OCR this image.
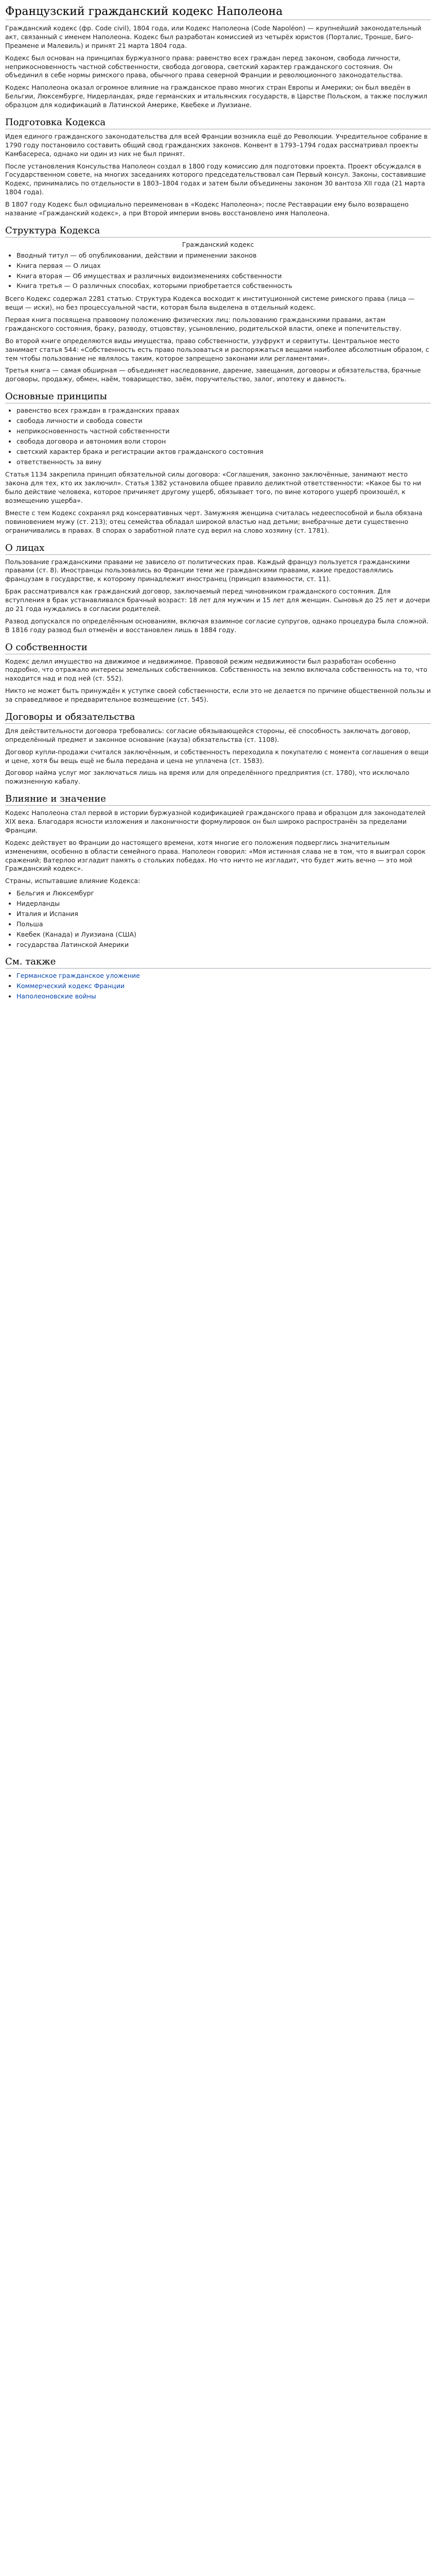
Французский гражданский кодекс Наполеона

Гражданский кодекс (фр. Code civil), 1804 года, или Кодекс Наполеона (Code Napoléon) — крупнейший законодательный акт, связанный с именем Наполеона. Кодекс был разработан комиссией из четырёх юристов (Порталис, Тронше, Биго-Преамене и Малевиль) и принят 21 марта 1804 года.

Кодекс был основан на принципах буржуазного права: равенство всех граждан перед законом, свобода личности, неприкосновенность частной собственности, свобода договора, светский характер гражданского состояния. Он объединил в себе нормы римского права, обычного права северной Франции и революционного законодательства.

Кодекс Наполеона оказал огромное влияние на гражданское право многих стран Европы и Америки; он был введён в Бельгии, Люксембурге, Нидерландах, ряде германских и итальянских государств, в Царстве Польском, а также послужил образцом для кодификаций в Латинской Америке, Квебеке и Луизиане.

Подготовка Кодекса

Идея единого гражданского законодательства для всей Франции возникла ещё до Революции. Учредительное собрание в 1790 году постановило составить общий свод гражданских законов. Конвент в 1793–1794 годах рассматривал проекты Камбасереса, однако ни один из них не был принят.

После установления Консульства Наполеон создал в 1800 году комиссию для подготовки проекта. Проект обсуждался в Государственном совете, на многих заседаниях которого председательствовал сам Первый консул. Законы, составившие Кодекс, принимались по отдельности в 1803–1804 годах и затем были объединены законом 30 вантоза XII года (21 марта 1804 года).

В 1807 году Кодекс был официально переименован в «Кодекс Наполеона»; после Реставрации ему было возвращено название «Гражданский кодекс», а при Второй империи вновь восстановлено имя Наполеона.

Структура Кодекса
Гражданский кодекс
• Вводный титул — об опубликовании, действии и применении законов
• Книга первая — О лицах
• Книга вторая — Об имуществах и различных видоизменениях собственности
• Книга третья — О различных способах, которыми приобретается собственность

Всего Кодекс содержал 2281 статью. Структура Кодекса восходит к институционной системе римского права (лица — вещи — иски), но без процессуальной части, которая была выделена в отдельный кодекс.

Первая книга посвящена правовому положению физических лиц: пользованию гражданскими правами, актам гражданского состояния, браку, разводу, отцовству, усыновлению, родительской власти, опеке и попечительству.

Во второй книге определяются виды имущества, право собственности, узуфрукт и сервитуты. Центральное место занимает статья 544: «Собственность есть право пользоваться и распоряжаться вещами наиболее абсолютным образом, с тем чтобы пользование не являлось таким, которое запрещено законами или регламентами».

Третья книга — самая обширная — объединяет наследование, дарение, завещания, договоры и обязательства, брачные договоры, продажу, обмен, наём, товарищество, заём, поручительство, залог, ипотеку и давность.

Основные принципы
• равенство всех граждан в гражданских правах
• свобода личности и свобода совести
• неприкосновенность частной собственности
• свобода договора и автономия воли сторон
• светский характер брака и регистрации актов гражданского состояния
• ответственность за вину

Статья 1134 закрепила принцип обязательной силы договора: «Соглашения, законно заключённые, занимают место закона для тех, кто их заключил». Статья 1382 установила общее правило деликтной ответственности: «Какое бы то ни было действие человека, которое причиняет другому ущерб, обязывает того, по вине которого ущерб произошёл, к возмещению ущерба».

Вместе с тем Кодекс сохранял ряд консервативных черт. Замужняя женщина считалась недееспособной и была обязана повиновением мужу (ст. 213); отец семейства обладал широкой властью над детьми; внебрачные дети существенно ограничивались в правах. В спорах о заработной плате суд верил на слово хозяину (ст. 1781).

О лицах

Пользование гражданскими правами не зависело от политических прав. Каждый француз пользуется гражданскими правами (ст. 8). Иностранцы пользовались во Франции теми же гражданскими правами, какие предоставлялись французам в государстве, к которому принадлежит иностранец (принцип взаимности, ст. 11).

Брак рассматривался как гражданский договор, заключаемый перед чиновником гражданского состояния. Для вступления в брак устанавливался брачный возраст: 18 лет для мужчин и 15 лет для женщин. Сыновья до 25 лет и дочери до 21 года нуждались в согласии родителей.

Развод допускался по определённым основаниям, включая взаимное согласие супругов, однако процедура была сложной. В 1816 году развод был отменён и восстановлен лишь в 1884 году.

О собственности

Кодекс делил имущество на движимое и недвижимое. Правовой режим недвижимости был разработан особенно подробно, что отражало интересы земельных собственников. Собственность на землю включала собственность на то, что находится над и под ней (ст. 552).

Никто не может быть принуждён к уступке своей собственности, если это не делается по причине общественной пользы и за справедливое и предварительное возмещение (ст. 545).

Договоры и обязательства

Для действительности договора требовались: согласие обязывающейся стороны, её способность заключать договор, определённый предмет и законное основание (кауза) обязательства (ст. 1108).

Договор купли-продажи считался заключённым, и собственность переходила к покупателю с момента соглашения о вещи и цене, хотя бы вещь ещё не была передана и цена не уплачена (ст. 1583).

Договор найма услуг мог заключаться лишь на время или для определённого предприятия (ст. 1780), что исключало пожизненную кабалу.

Влияние и значение

Кодекс Наполеона стал первой в истории буржуазной кодификацией гражданского права и образцом для законодателей XIX века. Благодаря ясности изложения и лаконичности формулировок он был широко распространён за пределами Франции.

Кодекс действует во Франции до настоящего времени, хотя многие его положения подверглись значительным изменениям, особенно в области семейного права. Наполеон говорил: «Моя истинная слава не в том, что я выиграл сорок сражений; Ватерлоо изгладит память о стольких победах. Но что ничто не изгладит, что будет жить вечно — это мой Гражданский кодекс».

Страны, испытавшие влияние Кодекса:

• Бельгия и Люксембург
• Нидерланды
• Италия и Испания
• Польша
• Квебек (Канада) и Луизиана (США)
• государства Латинской Америки
См. также
• Германское гражданское уложение
• Коммерческий кодекс Франции
• Наполеоновские войны
